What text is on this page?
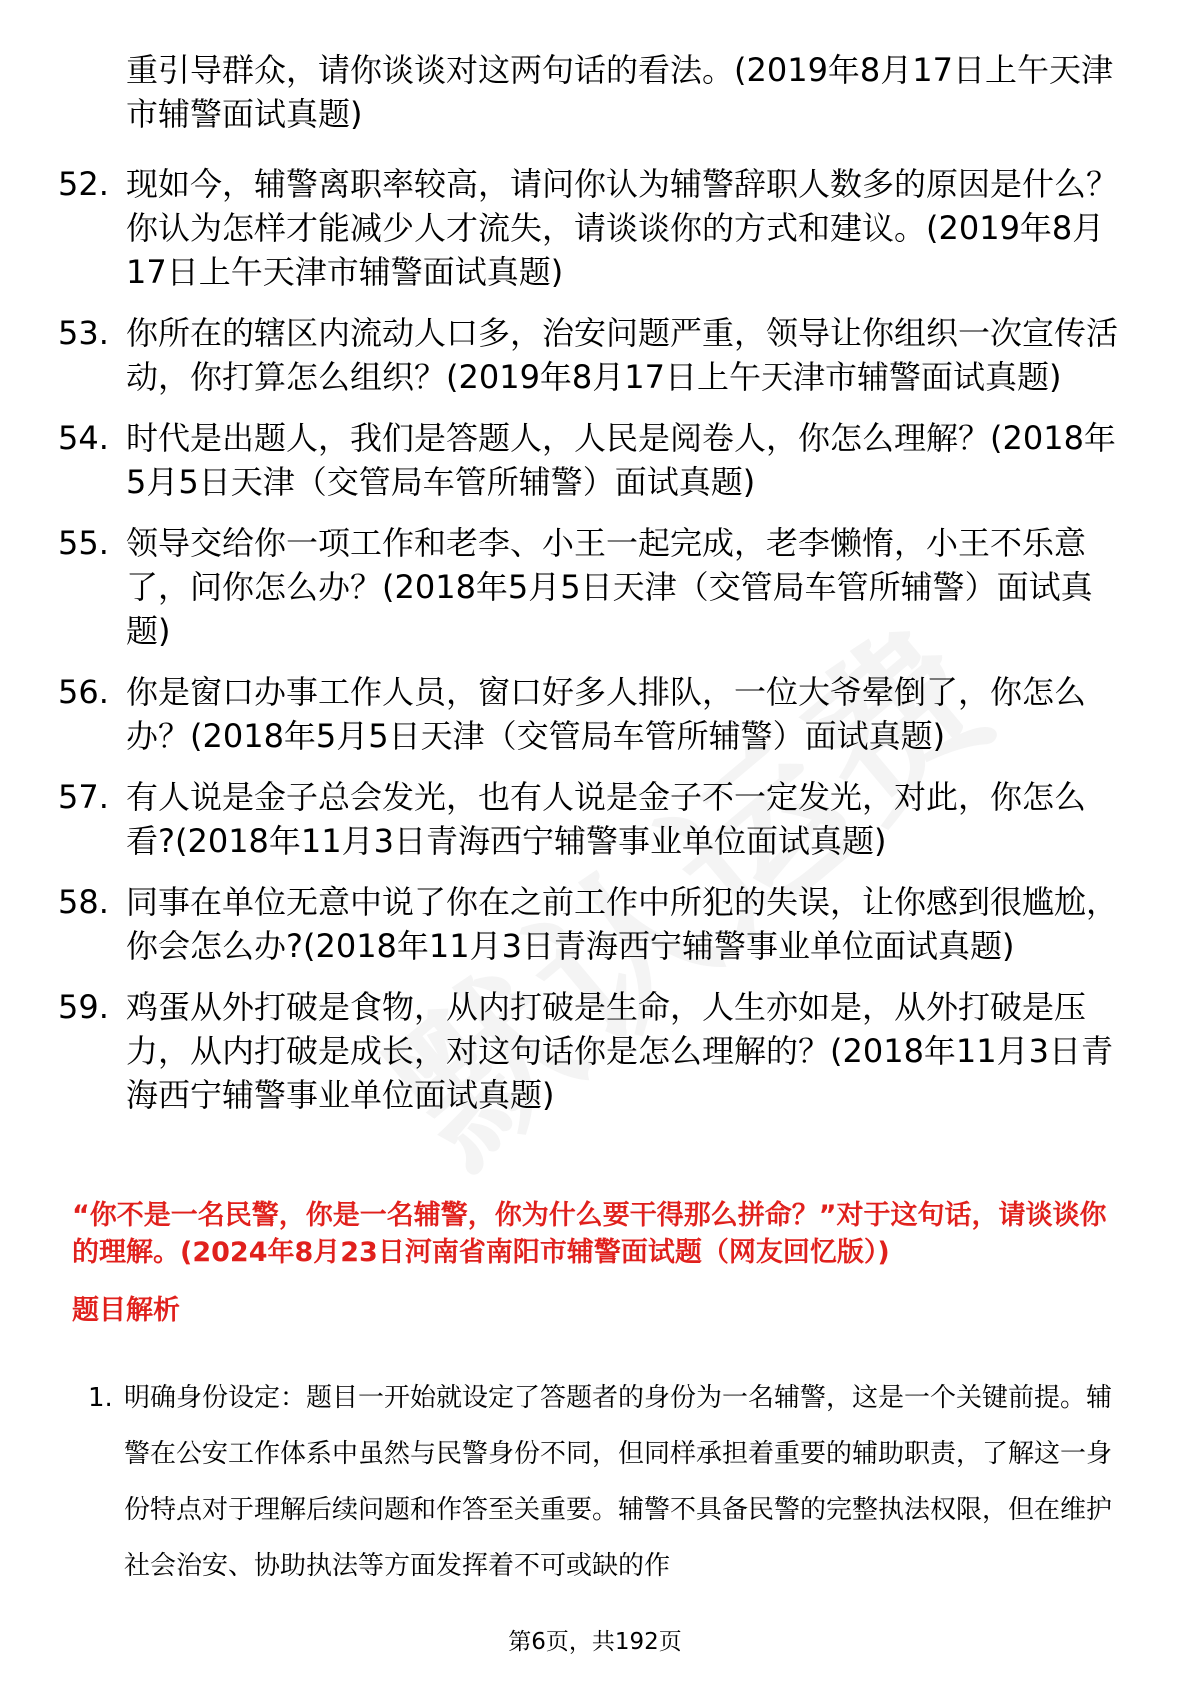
重引导群众，请你谈谈对这两句话的看法。(2019年8月17日上午天津市辅警面试真题)
52. 现如今，辅警离职率较高，请问你认为辅警辞职人数多的原因是什么？你认为怎样才能减少人才流失，请谈谈你的方式和建议。(2019年8月17日上午天津市辅警面试真题)
53. 你所在的辖区内流动人口多，治安问题严重，领导让你组织一次宣传活动，你打算怎么组织？(2019年8月17日上午天津市辅警面试真题)
54. 时代是出题人，我们是答题人，人民是阅卷人，你怎么理解？(2018年5月5日天津（交管局车管所辅警）面试真题)
55. 领导交给你一项工作和老李、小王一起完成，老李懒惰，小王不乐意了，问你怎么办？(2018年5月5日天津（交管局车管所辅警）面试真题)
56. 你是窗口办事工作人员，窗口好多人排队，一位大爷晕倒了，你怎么办？(2018年5月5日天津（交管局车管所辅警）面试真题)
57. 有人说是金子总会发光，也有人说是金子不一定发光，对此，你怎么看?(2018年11月3日青海西宁辅警事业单位面试真题)
58. 同事在单位无意中说了你在之前工作中所犯的失误，让你感到很尴尬，你会怎么办?(2018年11月3日青海西宁辅警事业单位面试真题)
59. 鸡蛋从外打破是食物，从内打破是生命，人生亦如是，从外打破是压力，从内打破是成长，对这句话你是怎么理解的？(2018年11月3日青海西宁辅警事业单位面试真题)
“你不是一名民警，你是一名辅警，你为什么要干得那么拼命？”对于这句话，请谈谈你的理解。(2024年8月23日河南省南阳市辅警面试题（网友回忆版）)
题目解析
1. 明确身份设定：题目一开始就设定了答题者的身份为一名辅警，这是一个关键前提。辅警在公安工作体系中虽然与民警身份不同，但同样承担着重要的辅助职责，了解这一身份特点对于理解后续问题和作答至关重要。辅警不具备民警的完整执法权限，但在维护社会治安、协助执法等方面发挥着不可或缺的作
第6页，共192页
